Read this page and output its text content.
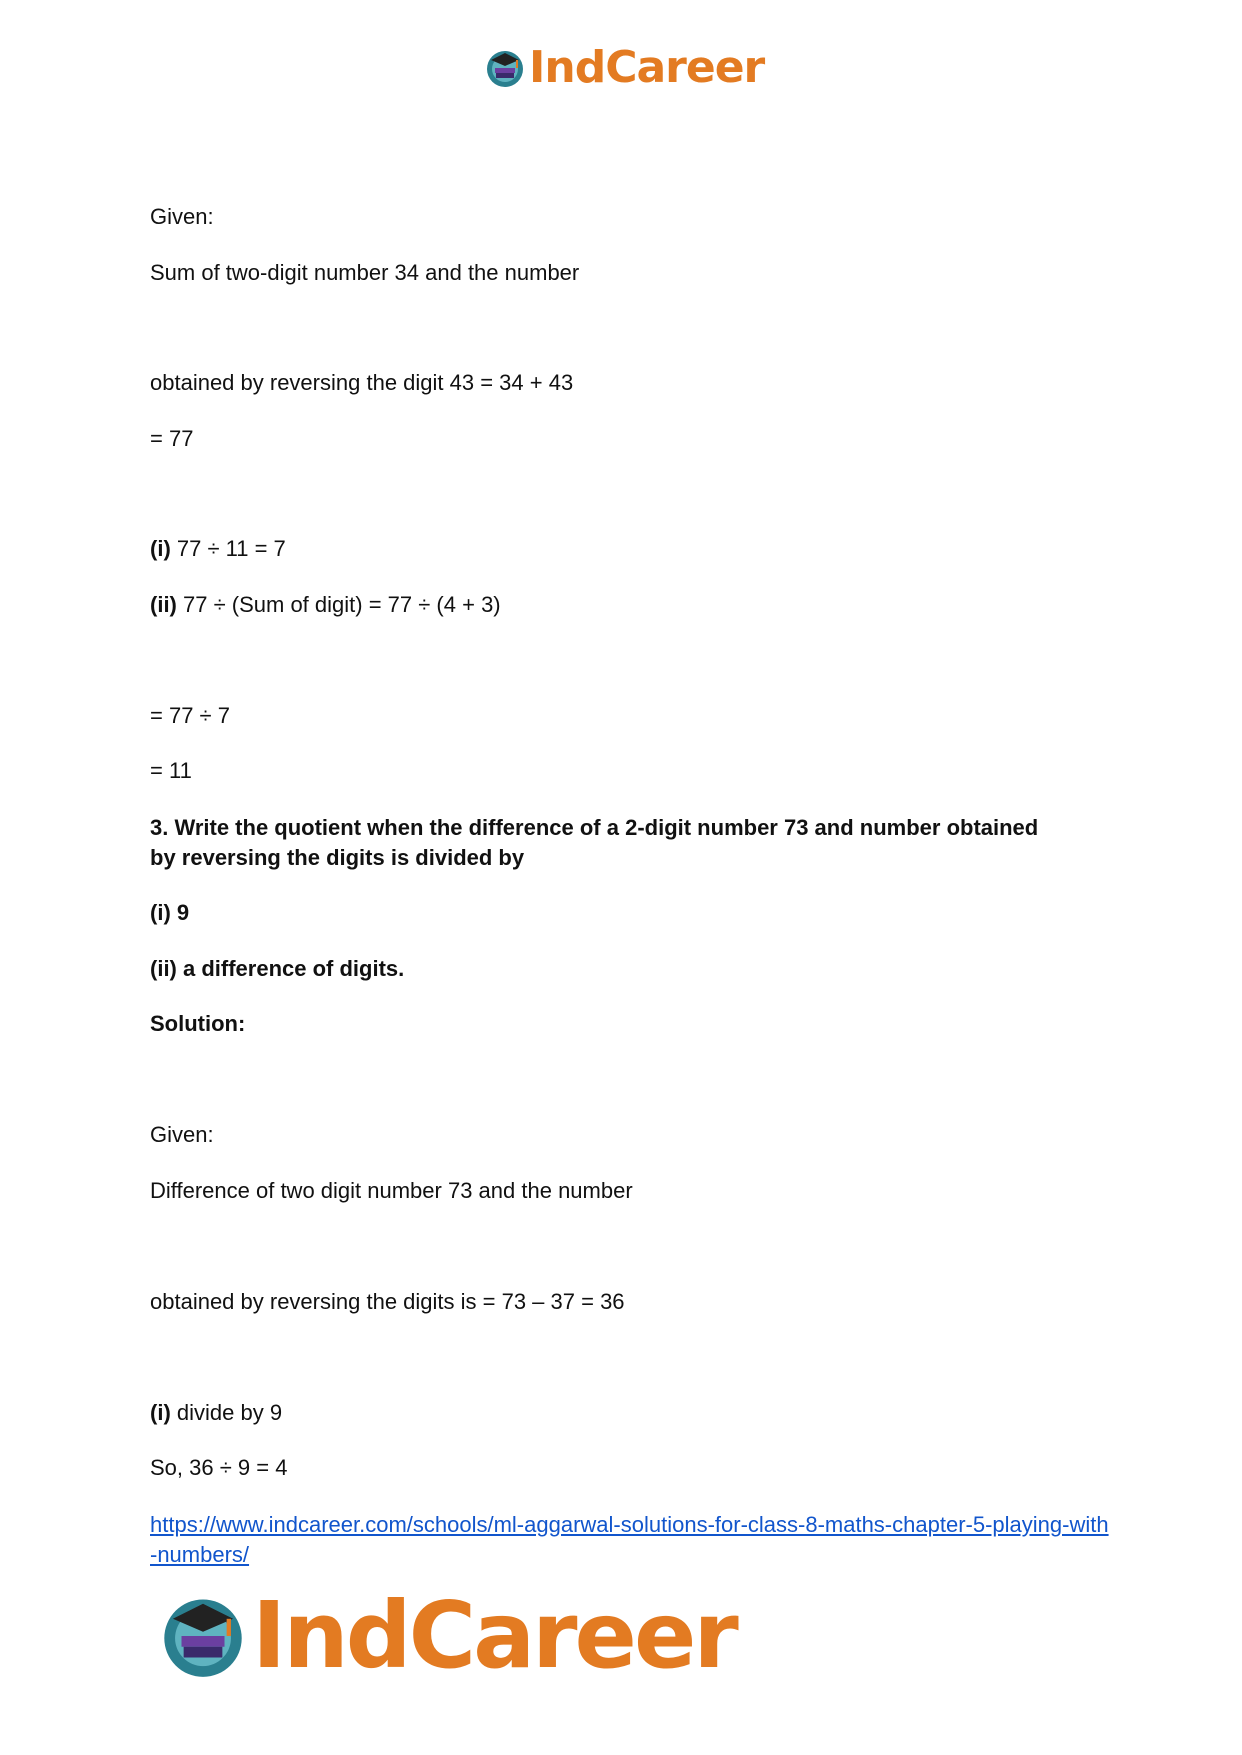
IndCareer
Given:
Sum of two-digit number 34 and the number
obtained by reversing the digit 43 = 34 + 43
= 77
(i) 77 ÷ 11 = 7
(ii) 77 ÷ (Sum of digit) = 77 ÷ (4 + 3)
= 77 ÷ 7
= 11
3. Write the quotient when the difference of a 2-digit number 73 and number obtained
by reversing the digits is divided by
(i) 9
(ii) a difference of digits.
Solution:
Given:
Difference of two digit number 73 and the number
obtained by reversing the digits is = 73 – 37 = 36
(i) divide by 9
So, 36 ÷ 9 = 4
https://www.indcareer.com/schools/ml-aggarwal-solutions-for-class-8-maths-chapter-5-playing-with-numbers/
IndCareer
